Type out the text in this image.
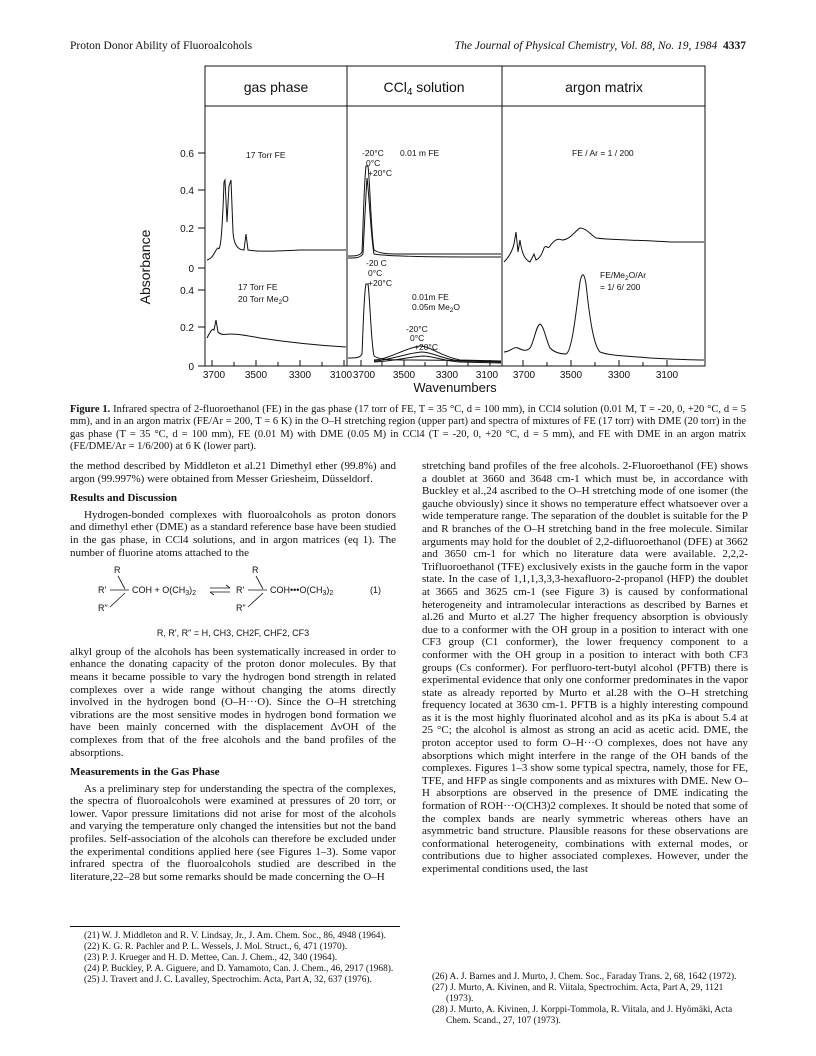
Proton Donor Ability of Fluoroalcohols	The Journal of Physical Chemistry, Vol. 88, No. 19, 1984 4337
gas phase	CCl$_4$ solution	argon matrix
Absorbance
0.6
0.4
0.2
0
0.4
0.2
0
3700 3500 3300 3100 3700 3500 3300 3100 3700 3500	3300	3100
Wavenumbers
17 Torr FE
17 Torr FE
20 Torr $Me_2O$
-20°C
0°C
+20°C
0.01 m FE
-20 C
0°C
+20°C
0.01m FE
0.05m $Me_2O$
-20°C
0°C
+20°C
FE / Ar = 1 / 200
$FE/Me_2O/Ar$
= 1/ 6/ 200
Figure 1. Infrared spectra of 2-fluoroethanol (FE) in the gas phase (17 torr of FE, T = 35 °C, d = 100 mm), in CCl4 solution (0.01 M, T = -20, 0, +20 °C, d = 5 mm), and in an argon matrix (FE/Ar = 200, T = 6 K) in the O–H stretching region (upper part) and spectra of mixtures of FE (17 torr) with DME (20 torr) in the gas phase (T = 35 °C, d = 100 mm), FE (0.01 M) with DME (0.05 M) in CCl4 (T = -20, 0, +20 °C, d = 5 mm), and FE with DME in an argon matrix (FE/DME/Ar = 1/6/200) at 6 K (lower part).

the method described by Middleton et al.21 Dimethyl ether (99.8%) and argon (99.997%) were obtained from Messer Griesheim, Düsseldorf.

Results and Discussion

Hydrogen-bonded complexes with fluoroalcohols as proton donors and dimethyl ether (DME) as a standard reference base have been studied in the gas phase, in CCl4 solutions, and in argon matrices (eq 1). The number of fluorine atoms attached to the

R
R'
R"
COH + $O(CH_3)_2$
R
R'
R"
$COH•••O(CH_3)_2$	(1)
R, R', R" = H, CH3, CH2F, CHF2, CF3

alkyl group of the alcohols has been systematically increased in order to enhance the donating capacity of the proton donor molecules. By that means it became possible to vary the hydrogen bond strength in related complexes over a wide range without changing the atoms directly involved in the hydrogen bond (O–H···O). Since the O–H stretching vibrations are the most sensitive modes in hydrogen bond formation we have been mainly concerned with the displacement ΔνOH of the complexes from that of the free alcohols and the band profiles of the absorptions.

Measurements in the Gas Phase

As a preliminary step for understanding the spectra of the complexes, the spectra of fluoroalcohols were examined at pressures of 20 torr, or lower. Vapor pressure limitations did not arise for most of the alcohols and varying the temperature only changed the intensities but not the band profiles. Self-association of the alcohols can therefore be excluded under the experimental conditions applied here (see Figures 1–3). Some vapor infrared spectra of the fluoroalcohols studied are described in the literature,22–28 but some remarks should be made concerning the O–H

stretching band profiles of the free alcohols. 2-Fluoroethanol (FE) shows a doublet at 3660 and 3648 cm-1 which must be, in accordance with Buckley et al.,24 ascribed to the O–H stretching mode of one isomer (the gauche obviously) since it shows no temperature effect whatsoever over a wide temperature range. The separation of the doublet is suitable for the P and R branches of the O–H stretching band in the free molecule. Similar arguments may hold for the doublet of 2,2-difluoroethanol (DFE) at 3662 and 3650 cm-1 for which no literature data were available. 2,2,2-Trifluoroethanol (TFE) exclusively exists in the gauche form in the vapor state. In the case of 1,1,1,3,3,3-hexafluoro-2-propanol (HFP) the doublet at 3665 and 3625 cm-1 (see Figure 3) is caused by conformational heterogeneity and intramolecular interactions as described by Barnes et al.26 and Murto et al.27 The higher frequency absorption is obviously due to a conformer with the OH group in a position to interact with one CF3 group (C1 conformer), the lower frequency component to a conformer with the OH group in a position to interact with both CF3 groups (Cs conformer). For perfluoro-tert-butyl alcohol (PFTB) there is experimental evidence that only one conformer predominates in the vapor state as already reported by Murto et al.28 with the O–H stretching frequency located at 3630 cm-1. PFTB is a highly interesting compound as it is the most highly fluorinated alcohol and as its pKa is about 5.4 at 25 °C; the alcohol is almost as strong an acid as acetic acid. DME, the proton acceptor used to form O–H···O complexes, does not have any absorptions which might interfere in the range of the OH bands of the complexes. Figures 1–3 show some typical spectra, namely, those for FE, TFE, and HFP as single components and as mixtures with DME. New O–H absorptions are observed in the presence of DME indicating the formation of ROH···O(CH3)2 complexes. It should be noted that some of the complex bands are nearly symmetric whereas others have an asymmetric band structure. Plausible reasons for these observations are conformational heterogeneity, combinations with external modes, or contributions due to higher associated complexes. However, under the experimental conditions used, the last

(21) W. J. Middleton and R. V. Lindsay, Jr., J. Am. Chem. Soc., 86, 4948 (1964).
(22) K. G. R. Pachler and P. L. Wessels, J. Mol. Struct., 6, 471 (1970).
(23) P. J. Krueger and H. D. Mettee, Can. J. Chem., 42, 340 (1964).
(24) P. Buckley, P. A. Giguere, and D. Yamamoto, Can. J. Chem., 46, 2917 (1968).
(25) J. Travert and J. C. Lavalley, Spectrochim. Acta, Part A, 32, 637 (1976).	(26) A. J. Barnes and J. Murto, J. Chem. Soc., Faraday Trans. 2, 68, 1642 (1972).
(27) J. Murto, A. Kivinen, and R. Viitala, Spectrochim. Acta, Part A, 29, 1121 (1973).
(28) J. Murto, A. Kivinen, J. Korppi-Tommola, R. Viitala, and J. Hyömäki, Acta Chem. Scand., 27, 107 (1973).
